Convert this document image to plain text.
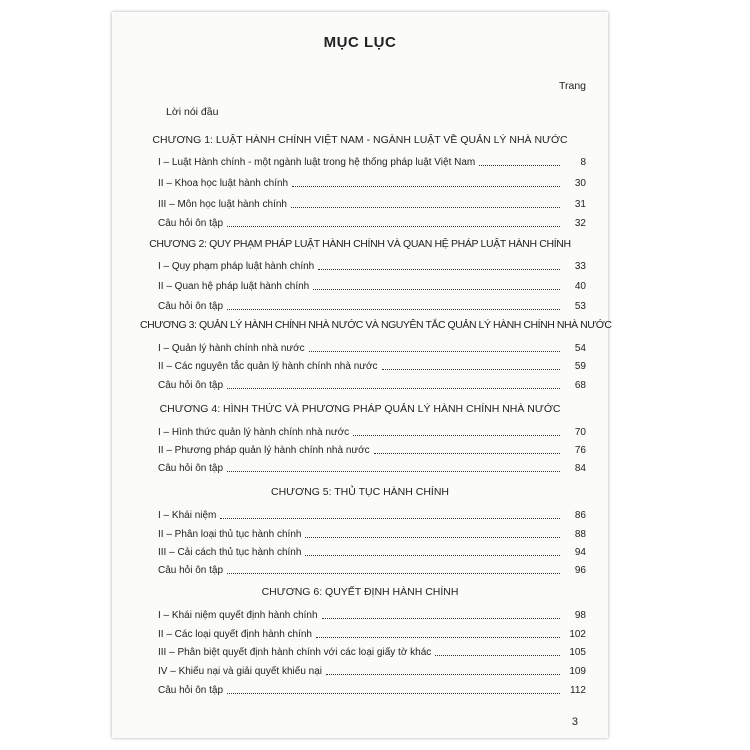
MỤC LỤC
Trang
Lời nói đầu
CHƯƠNG 1: LUẬT HÀNH CHÍNH VIỆT NAM - NGÀNH LUẬT VỀ QUẢN LÝ NHÀ NƯỚC
I – Luật Hành chính - một ngành luật trong hệ thống pháp luật Việt Nam	8
II – Khoa học luật hành chính	30
III – Môn học luật hành chính	31
Câu hỏi ôn tập	32
CHƯƠNG 2: QUY PHẠM PHÁP LUẬT HÀNH CHÍNH VÀ QUAN HỆ PHÁP LUẬT HÀNH CHÍNH
I – Quy phạm pháp luật hành chính	33
II – Quan hệ pháp luật hành chính	40
Câu hỏi ôn tập	53
CHƯƠNG 3: QUẢN LÝ HÀNH CHÍNH NHÀ NƯỚC VÀ NGUYÊN TẮC QUẢN LÝ HÀNH CHÍNH NHÀ NƯỚC
I – Quản lý hành chính nhà nước	54
II – Các nguyên tắc quản lý hành chính nhà nước	59
Câu hỏi ôn tập	68
CHƯƠNG 4: HÌNH THỨC VÀ PHƯƠNG PHÁP QUẢN LÝ HÀNH CHÍNH NHÀ NƯỚC
I – Hình thức quản lý hành chính nhà nước	70
II – Phương pháp quản lý hành chính nhà nước	76
Câu hỏi ôn tập	84
CHƯƠNG 5: THỦ TỤC HÀNH CHÍNH
I – Khái niệm	86
II – Phân loại thủ tục hành chính	88
III – Cải cách thủ tục hành chính	94
Câu hỏi ôn tập	96
CHƯƠNG 6: QUYẾT ĐỊNH HÀNH CHÍNH
I – Khái niệm quyết định hành chính	98
II – Các loại quyết định hành chính	102
III – Phân biệt quyết định hành chính với các loại giấy tờ khác	105
IV – Khiếu nại và giải quyết khiếu nại	109
Câu hỏi ôn tập	112
3
